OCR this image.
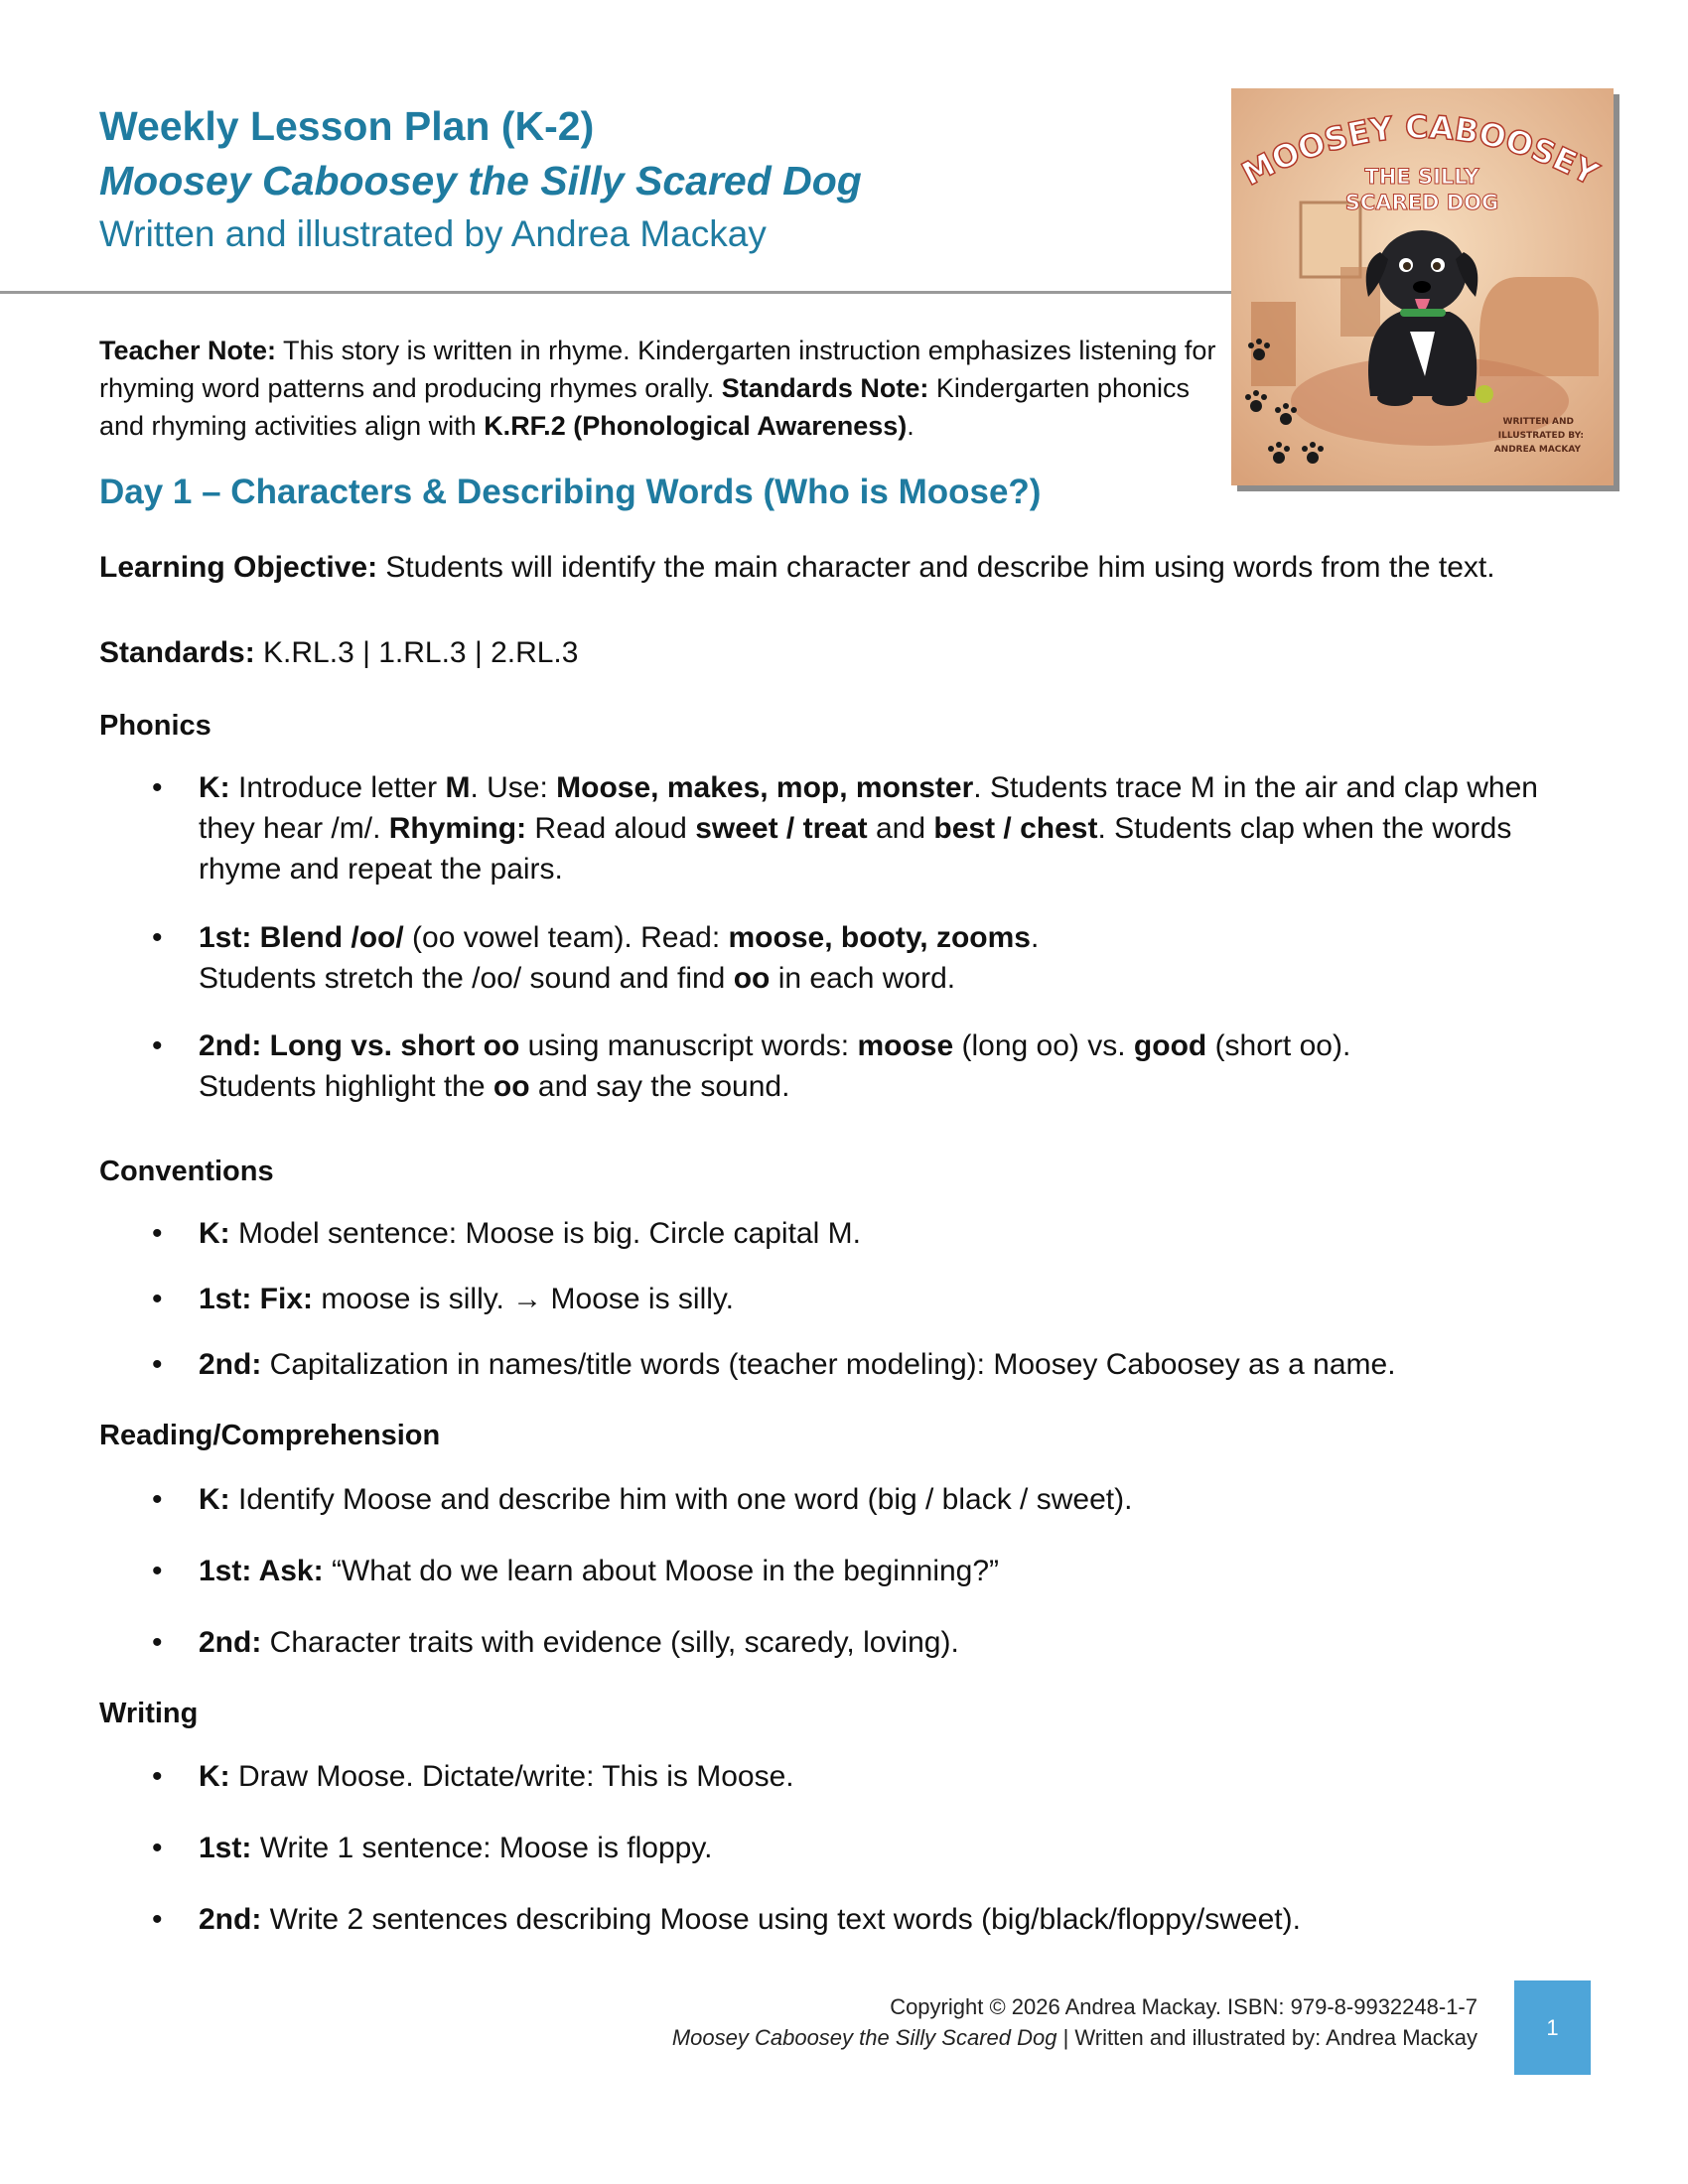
Weekly Lesson Plan (K-2)
Moosey Caboosey the Silly Scared Dog
Written and illustrated by Andrea Mackay
MOOSEY CABOOSEY
THE SILLY
SCARED DOG
WRITTEN AND
ILLUSTRATED BY:
ANDREA MACKAY
Teacher Note: This story is written in rhyme. Kindergarten instruction emphasizes listening for rhyming word patterns and producing rhymes orally. Standards Note: Kindergarten phonics and rhyming activities align with K.RF.2 (Phonological Awareness).
Day 1 – Characters & Describing Words (Who is Moose?)
Learning Objective: Students will identify the main character and describe him using words from the text.
Standards: K.RL.3 | 1.RL.3 | 2.RL.3
Phonics
• K: Introduce letter M. Use: Moose, makes, mop, monster. Students trace M in the air and clap when they hear /m/. Rhyming: Read aloud sweet / treat and best / chest. Students clap when the words rhyme and repeat the pairs.
• 1st: Blend /oo/ (oo vowel team). Read: moose, booty, zooms.
Students stretch the /oo/ sound and find oo in each word.
• 2nd: Long vs. short oo using manuscript words: moose (long oo) vs. good (short oo).
Students highlight the oo and say the sound.
Conventions
• K: Model sentence: Moose is big. Circle capital M.
• 1st: Fix: moose is silly. → Moose is silly.
• 2nd: Capitalization in names/title words (teacher modeling): Moosey Caboosey as a name.
Reading/Comprehension
• K: Identify Moose and describe him with one word (big / black / sweet).
• 1st: Ask: “What do we learn about Moose in the beginning?”
• 2nd: Character traits with evidence (silly, scaredy, loving).
Writing
• K: Draw Moose. Dictate/write: This is Moose.
• 1st: Write 1 sentence: Moose is floppy.
• 2nd: Write 2 sentences describing Moose using text words (big/black/floppy/sweet).
Copyright © 2026 Andrea Mackay. ISBN: 979-8-9932248-1-7
Moosey Caboosey the Silly Scared Dog | Written and illustrated by: Andrea Mackay	1
